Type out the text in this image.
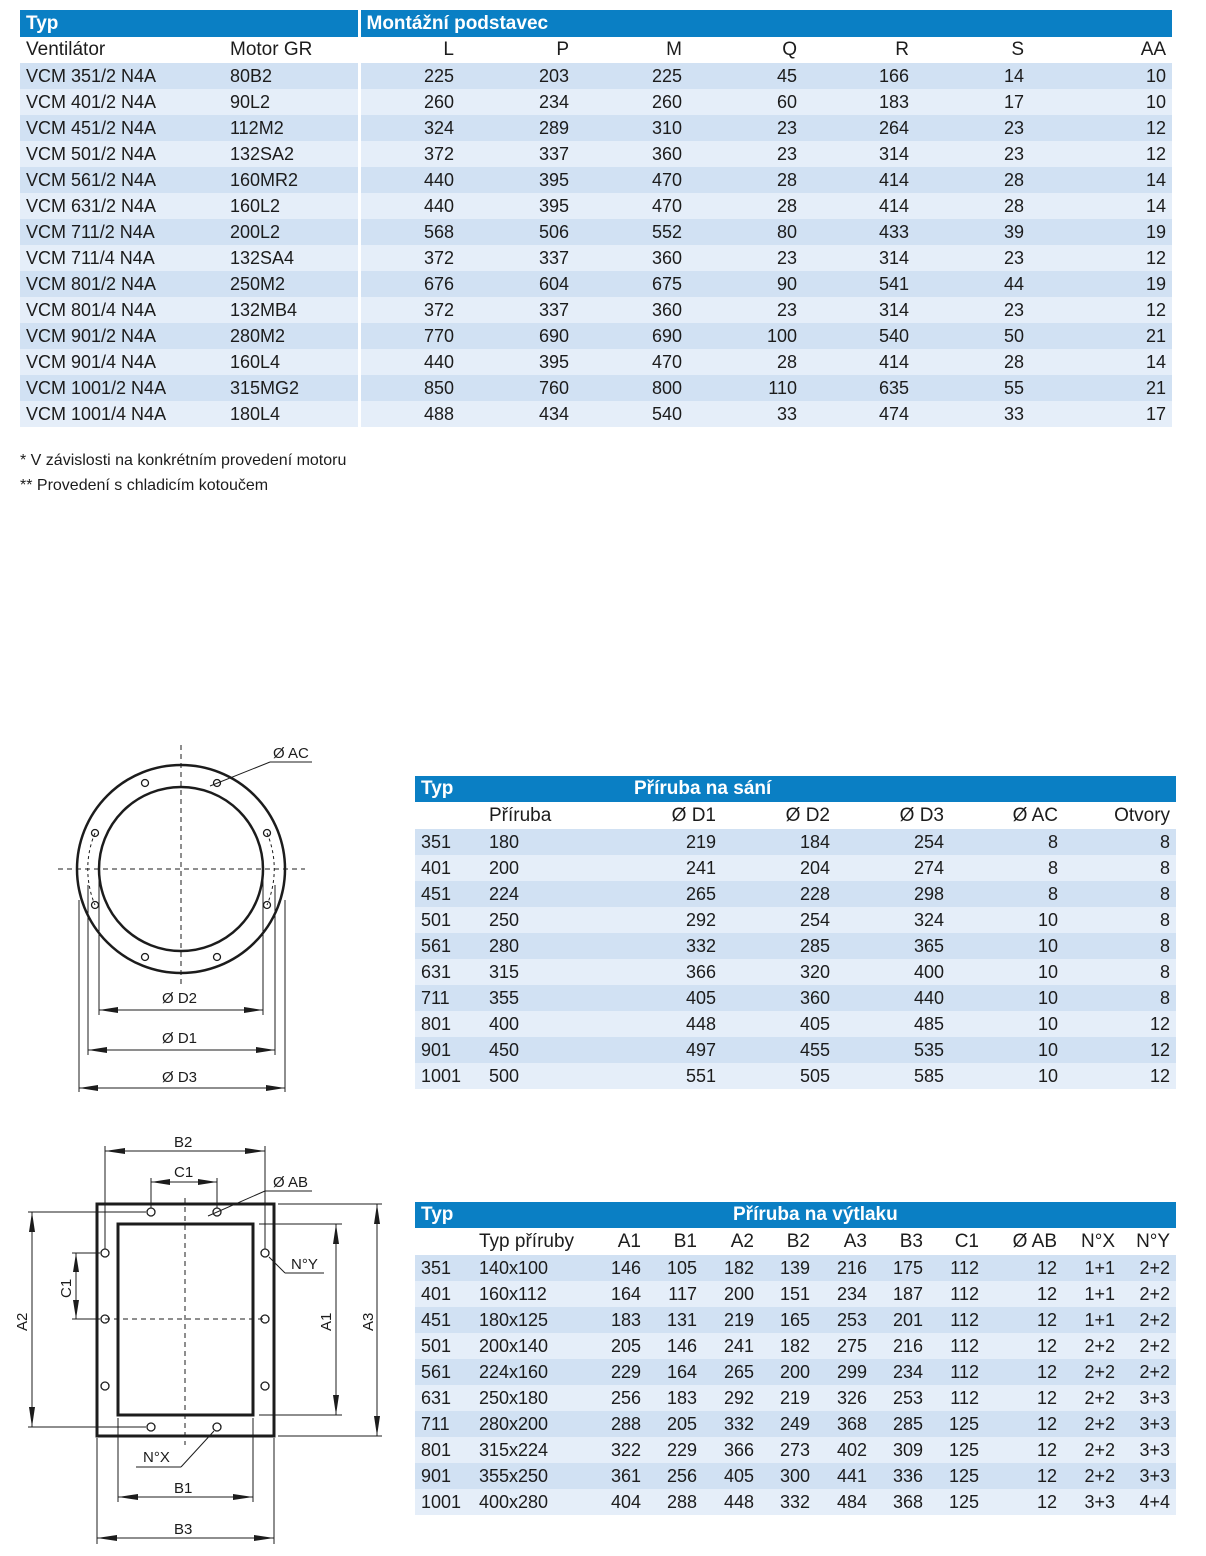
Typ		Montážní podstavec						
Ventilátor	Motor GR	L	P	M	Q	R	S	AA
VCM 351/2 N4A	80B2	225	203	225	45	166	14	10
VCM 401/2 N4A	90L2	260	234	260	60	183	17	10
VCM 451/2 N4A	112M2	324	289	310	23	264	23	12
VCM 501/2 N4A	132SA2	372	337	360	23	314	23	12
VCM 561/2 N4A	160MR2	440	395	470	28	414	28	14
VCM 631/2 N4A	160L2	440	395	470	28	414	28	14
VCM 711/2 N4A	200L2	568	506	552	80	433	39	19
VCM 711/4 N4A	132SA4	372	337	360	23	314	23	12
VCM 801/2 N4A	250M2	676	604	675	90	541	44	19
VCM 801/4 N4A	132MB4	372	337	360	23	314	23	12
VCM 901/2 N4A	280M2	770	690	690	100	540	50	21
VCM 901/4 N4A	160L4	440	395	470	28	414	28	14
VCM 1001/2 N4A	315MG2	850	760	800	110	635	55	21
VCM 1001/4 N4A	180L4	488	434	540	33	474	33	17
* V závislosti na konkrétním provedení motoru
** Provedení s chladicím kotoučem
Ø AC
Ø D2
Ø D1
Ø D3
Typ		Příruba na sání				
	Příruba	Ø D1	Ø D2	Ø D3	Ø AC	Otvory
351	180	219	184	254	8	8
401	200	241	204	274	8	8
451	224	265	228	298	8	8
501	250	292	254	324	10	8
561	280	332	285	365	10	8
631	315	366	320	400	10	8
711	355	405	360	440	10	8
801	400	448	405	485	10	12
901	450	497	455	535	10	12
1001	500	551	505	585	10	12
B2
C1
Ø AB
N°Y
C1
A2	A1 A3
N°X
B1
B3
Typ		Příruba na výtlaku									
	Typ příruby	A1	B1	A2	B2	A3	B3	C1	Ø AB	N°X	N°Y
351	140x100	146	105	182	139	216	175	112	12	1+1	2+2
401	160x112	164	117	200	151	234	187	112	12	1+1	2+2
451	180x125	183	131	219	165	253	201	112	12	1+1	2+2
501	200x140	205	146	241	182	275	216	112	12	2+2	2+2
561	224x160	229	164	265	200	299	234	112	12	2+2	2+2
631	250x180	256	183	292	219	326	253	112	12	2+2	3+3
711	280x200	288	205	332	249	368	285	125	12	2+2	3+3
801	315x224	322	229	366	273	402	309	125	12	2+2	3+3
901	355x250	361	256	405	300	441	336	125	12	2+2	3+3
1001	400x280	404	288	448	332	484	368	125	12	3+3	4+4
